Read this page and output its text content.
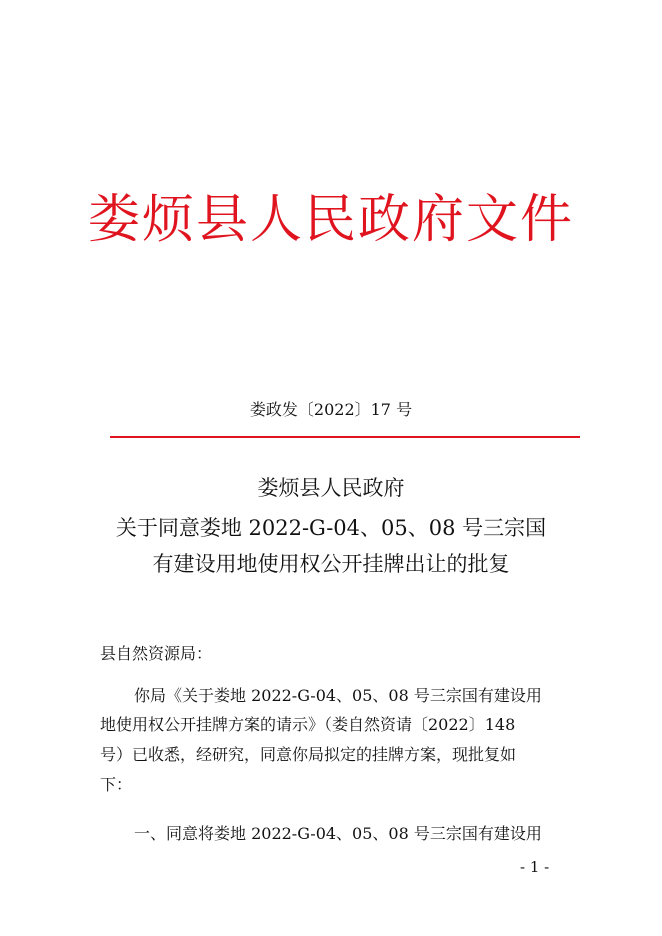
娄烦县人民政府文件
娄政发〔2022〕17 号
娄烦县人民政府
关于同意娄地 2022-G-04、05、08 号三宗国
有建设用地使用权公开挂牌出让的批复
县自然资源局：
你局《关于娄地 2022-G-04、05、08 号三宗国有建设用
地使用权公开挂牌方案的请示》（娄自然资请〔2022〕148
号）已收悉，经研究，同意你局拟定的挂牌方案，现批复如
下：
一、同意将娄地 2022-G-04、05、08 号三宗国有建设用
- 1 -
